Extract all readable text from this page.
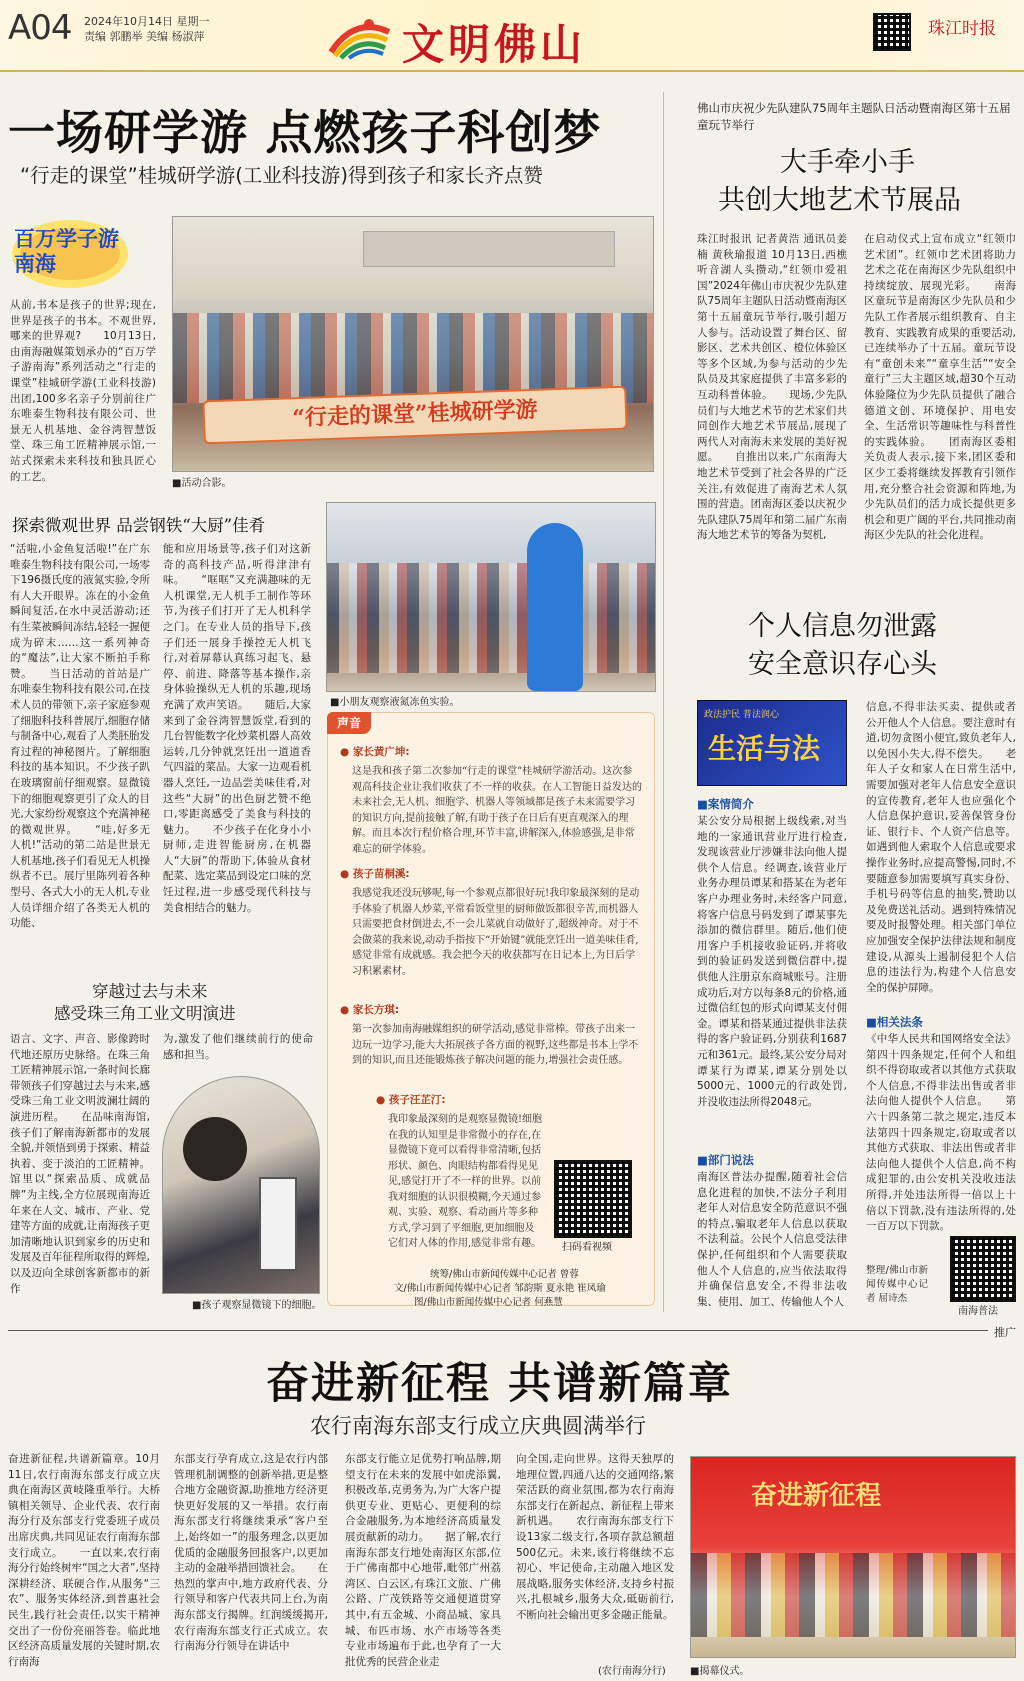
A04 2024年10月14日 星期一
责编 郭鹏举 美编 杨淑萍	文明佛山	珠江时报
一场研学游 点燃孩子科创梦
“行走的课堂”桂城研学游(工业科技游)得到孩子和家长齐点赞
百万学子游南海
从前,书本是孩子的世界;现在,世界是孩子的书本。不观世界,哪来的世界观?　　10月13日,由南海融媒策划承办的“百万学子游南海”系列活动之“行走的课堂”桂城研学游(工业科技游)出团,100多名亲子分别前往广东唯泰生物科技有限公司、世景无人机基地、金谷湾智慧饭堂、珠三角工匠精神展示馆,一站式探索未来科技和独具匠心的工艺。
“行走的课堂”桂城研学游
■活动合影。
探索微观世界 品尝钢铁“大厨”佳肴
“活啦,小金鱼复活啦!”在广东唯泰生物科技有限公司,一场零下196摄氏度的液氮实验,令所有人大开眼界。冻在的小金鱼瞬间复活,在水中灵活游动;还有生菜被瞬间冻结,轻轻一握便成为碎末……这一系列神奇的“魔法”,让大家不断拍手称赞。　　当日活动的首站是广东唯泰生物科技有限公司,在技术人员的带领下,亲子家庭参观了细胞科技科普展厅,细胞存储与制备中心,观看了人类胚胎发育过程的神秘图片。了解细胞科技的基本知识。不少孩子趴在玻璃窗前仔细观察。显微镜下的细胞观察更引了众人的目光,大家纷纷观察这个充满神秘的微观世界。　　“哇,好多无人机!”活动的第二站是世景无人机基地,孩子们看见无人机操纵者不已。展厅里陈列着各种型号、各式大小的无人机,专业人员详细介绍了各类无人机的功能、
能和应用场景等,孩子们对这新奇的高科技产品,听得津津有味。　　“哐哐”又充满趣味的无人机课堂,无人机手工制作等环节,为孩子们打开了无人机科学之门。在专业人员的指导下,孩子们还一展身手操控无人机飞行,对着屏幕认真练习起飞、悬停、前进、降落等基本操作,亲身体验操纵无人机的乐趣,现场充满了欢声笑语。　　随后,大家来到了金谷湾智慧饭堂,看到的几台智能数字化炒菜机器人高效运转,几分钟就烹饪出一道道香气四溢的菜品。大家一边观看机器人烹饪,一边品尝美味佳肴,对这些“大厨”的出色厨艺赞不绝口,零距离感受了美食与科技的魅力。　　不少孩子在化身小小厨师,走进智能厨房,在机器人“大厨”的帮助下,体验从食材配菜、选定菜品到设定口味的烹饪过程,进一步感受现代科技与美食相结合的魅力。
■小朋友观察液氮冻鱼实验。
穿越过去与未来
感受珠三角工业文明演进
语言、文字、声音、影像跨时代地还原历史脉络。在珠三角工匠精神展示馆,一条时间长廊带领孩子们穿越过去与未来,感受珠三角工业文明波澜壮阔的演进历程。　　在品味南海馆,孩子们了解南海新都市的发展全貌,并领悟到勇于探索、精益执着、变于淡泊的工匠精神。馆里以“探索品质、成就品牌”为主线,全方位展现南海近年来在人文、城市、产业、党建等方面的成就,让南海孩子更加清晰地认识到家乡的历史和发展及百年征程所取得的辉煌,以及迈向全球创客新都市的新作
为,激发了他们继续前行的使命感和担当。
■孩子观察显微镜下的细胞。
声音
● 家长黄广坤:
这是我和孩子第二次参加“行走的课堂”桂城研学游活动。这次参观高科技企业让我们收获了不一样的收获。在人工智能日益发达的未来社会,无人机、细胞学、机器人等领域都是孩子未来需要学习的知识方向,提前接触了解,有助于孩子在日后有更直观深入的理解。而且本次行程价格合理,环节丰富,讲解深入,体验感强,是非常难忘的研学体验。
● 孩子苗桐溪:
我感觉我还没玩够呢,每一个参观点都很好玩!我印象最深刻的是动手体验了机器人炒菜,平常看饭堂里的厨师做饭都很辛苦,而机器人只需要把食材倒进去,不一会儿菜就自动做好了,超级神奇。对于不会做菜的我来说,动动手指按下“开始键”就能烹饪出一道美味佳肴,感觉非常有成就感。我会把今天的收获都写在日记本上,为日后学习积累素材。
● 家长方琪:
第一次参加南海融媒组织的研学活动,感觉非常棒。带孩子出来一边玩一边学习,能大大拓展孩子各方面的视野,这些都是书本上学不到的知识,而且还能锻炼孩子解决问题的能力,增强社会责任感。
● 孩子汪芷汀:
我印象最深刻的是观察显微镜!细胞在我的认知里是非常微小的存在,在显微镜下竟可以看得非常清晰,包括形状、颜色、肉眼结构都看得见见见,感觉打开了不一样的世界。以前我对细胞的认识很模糊,今天通过参观、实验、观察、看动画片等多种方式,学习到了平细胞,更加细胞及它们对人体的作用,感觉非常有趣。 扫码看视频
统筹/佛山市新闻传媒中心记者 曾蓉
文/佛山市新闻传媒中心记者 邹韵斯 夏永艳 崔凤瑜
图/佛山市新闻传媒中心记者 何燕慧
佛山市庆祝少先队建队75周年主题队日活动暨南海区第十五届童玩节举行
大手牵小手
共创大地艺术节展品
珠江时报讯 记者黄浩 通讯员姜楠 黄秋瑜报道 10月13日,西樵听音湖人头攒动,“红领巾爱祖国”2024年佛山市庆祝少先队建队75周年主题队日活动暨南海区第十五届童玩节举行,吸引超万人参与。活动设置了舞台区、留影区、艺术共创区、橙位体验区等多个区域,为参与活动的少先队员及其家庭提供了丰富多彩的互动科普体验。　　现场,少先队员们与大地艺术节的艺术家们共同创作大地艺术节展品,展现了两代人对南海未来发展的美好祝愿。　　自推出以来,广东南海大地艺术节受到了社会各界的广泛关注,有效促进了南海艺术人氛围的营造。团南海区委以庆祝少先队建队75周年和第二届广东南海大地艺术节的筹备为契机,
在启动仪式上宣布成立“红领巾艺术团”。红领巾艺术团将助力艺术之花在南海区少先队组织中持续绽放、展现光彩。　　南海区童玩节是南海区少先队员和少先队工作者展示组织教育、自主教育、实践教育成果的重要活动,已连续举办了十五届。童玩节设有“童创未来”“童享生活”“安全童行”三大主题区域,超30个互动体验隆位为少先队员提供了融合德道文创、环境保护、用电安全、生活常识等趣味性与科普性的实践体验。　　团南海区委相关负责人表示,接下来,团区委和区少工委将继续发挥教育引领作用,充分整合社会资源和阵地,为少先队员们的活力成长提供更多机会和更广阔的平台,共同推动南海区少先队的社会化进程。
个人信息勿泄露
安全意识存心头
政法护民 普法润心
生活与法
■案情简介
某公安分局根据上级线索,对当地的一家通讯营业厅进行检查,发现该营业厅涉嫌非法向他人提供个人信息。经调查,该营业厅业务办理员谭某和搭某在为老年客户办理业务时,未经客户同意,将客户信息号码发到了谭某事先添加的微信群里。随后,他们使用客户手机接收验证码,并将收到的验证码发送到微信群中,提供他人注册京东商城账号。注册成功后,对方以每条8元的价格,通过微信红包的形式向谭某支付佣金。谭某和搭某通过提供非法获得的客户验证码,分别获利1687元和361元。最终,某公安分局对谭某行为谭某,谭某分别处以5000元、1000元的行政处罚,并没收违法所得2048元。
■部门说法
南海区普法办提醒,随着社会信息化进程的加快,不法分子利用老年人对信息安全防范意识不强的特点,骗取老年人信息以获取不法利益。公民个人信息受法律保护,任何组织和个人需要获取他人个人信息的,应当依法取得并确保信息安全,不得非法收集、使用、加工、传输他人个人
信息,不得非法买卖、提供或者公开他人个人信息。要注意时有道,切勿贪图小便宜,致负老年人,以免因小失大,得不偿失。　　老年人子女和家人在日常生活中,需要加强对老年人信息安全意识的宣传教育,老年人也应强化个人信息保护意识,妥善保管身份证、银行卡、个人资产信息等。如遇到他人索取个人信息或要求操作业务时,应提高警惕,同时,不要随意参加需要填写真实身份、手机号码等信息的抽奖,赞助以及免费送礼活动。遇到特殊情况要及时报警处理。相关部门单位应加强安全保护法律法规和制度建设,从源头上遏制侵犯个人信息的违法行为,构建个人信息安全的保护屏障。
■相关法条
《中华人民共和国网络安全法》第四十四条规定,任何个人和组织不得窃取或者以其他方式获取个人信息,不得非法出售或者非法向他人提供个人信息。　　第六十四条第二款之规定,违反本法第四十四条规定,窃取或者以其他方式获取、非法出售或者非法向他人提供个人信息,尚不构成犯罪的,由公安机关没收违法所得,并处违法所得一倍以上十倍以下罚款,没有违法所得的,处一百万以下罚款。
整理/佛山市新闻传媒中心记者 屈诗杰
南海普法
推广
奋进新征程 共谱新篇章
农行南海东部支行成立庆典圆满举行
奋进新征程,共谱新篇章。10月11日,农行南海东部支行成立庆典在南海区黄岐隆重举行。大桥镇相关领导、企业代表、农行南海分行及东部支行党委班子成员出席庆典,共同见证农行南海东部支行成立。　　一直以来,农行南海分行始终树牢“国之大者”,坚持深耕经济、联硬合作,从服务“三农”、服务实体经济,到普惠社会民生,践行社会责任,以实干精神交出了一份份亮丽答卷。临此地区经济高质量发展的关键时期,农行南海
东部支行孕育成立,这是农行内部管理机制调整的创新举措,更是整合地方金融资源,助推地方经济更快更好发展的又一举措。农行南海东部支行将继续秉承“客户至上,始终如一”的服务理念,以更加优质的金融服务回报客户,以更加主动的金融举措回馈社会。　　在热烈的掌声中,地方政府代表、分行领导和客户代表共同上台,为南海东部支行揭牌。红润缓缓揭开,农行南海东部支行正式成立。农行南海分行领导在讲话中
东部支行能立足优势打响品牌,期望支行在未来的发展中如虎添翼,积极改革,克勇务为,为广大客户提供更专业、更贴心、更便利的综合金融服务,为本地经济高质量发展贡献新的动力。　　据了解,农行南海东部支行地处南海区东部,位于广佛南都中心地带,毗邻广州荔湾区、白云区,有珠江文旅、广佛公路、广茂铁路等交通便道贯穿其中,有五金城、小商品城、家具城、布匹市场、水产市场等各类专业市场遍布于此,也孕育了一大批优秀的民营企业走
向全国,走向世界。这得天独厚的地理位置,四通八达的交通网络,繁荣活跃的商业氛围,都为农行南海东部支行在新起点、新征程上带来新机遇。　　农行南海东部支行下设13家二级支行,各项存款总额超500亿元。未来,该行将继续不忘初心、牢记使命,主动融入地区发展战略,服务实体经济,支持乡村振兴,扎根城乡,服务大众,砥砺前行,不断向社会输出更多金融正能量。
(农行南海分行)
奋进新征程
■揭幕仪式。
